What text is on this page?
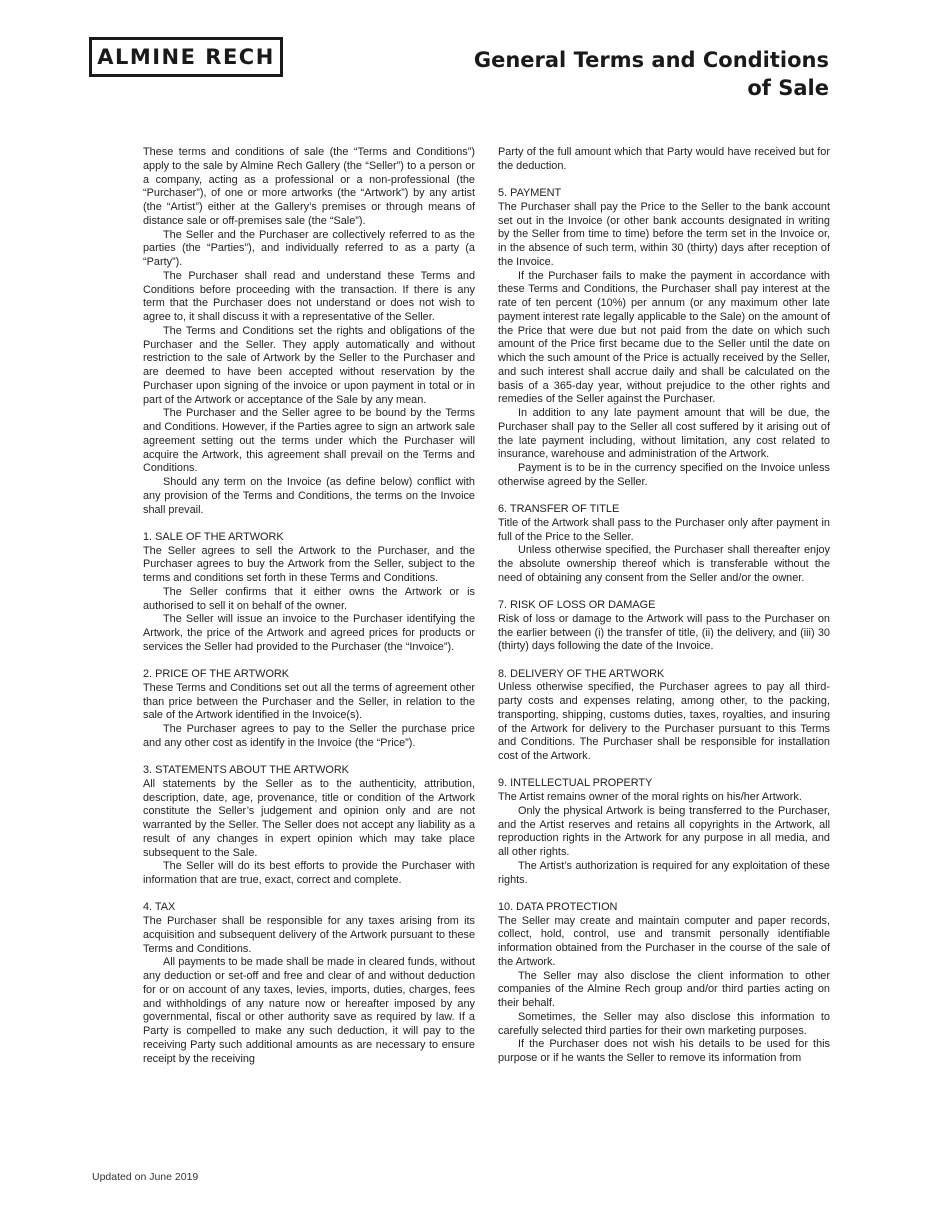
ALMINE RECH	General Terms and Conditions
of Sale

These terms and conditions of sale (the “Terms and Conditions”) apply to the sale by Almine Rech Gallery (the “Seller”) to a person or a company, acting as a professional or a non-professional (the “Purchaser”), of one or more artworks (the “Artwork”) by any artist (the “Artist”) either at the Gallery’s premises or through means of distance sale or off-premises sale (the “Sale”).

The Seller and the Purchaser are collectively referred to as the parties (the “Parties”), and individually referred to as a party (a “Party”).

The Purchaser shall read and understand these Terms and Conditions before proceeding with the transaction. If there is any term that the Purchaser does not understand or does not wish to agree to, it shall discuss it with a representative of the Seller.

The Terms and Conditions set the rights and obligations of the Purchaser and the Seller. They apply automatically and without restriction to the sale of Artwork by the Seller to the Purchaser and are deemed to have been accepted without reservation by the Purchaser upon signing of the invoice or upon payment in total or in part of the Artwork or acceptance of the Sale by any mean.

The Purchaser and the Seller agree to be bound by the Terms and Conditions. However, if the Parties agree to sign an artwork sale agreement setting out the terms under which the Purchaser will acquire the Artwork, this agreement shall prevail on the Terms and Conditions.

Should any term on the Invoice (as define below) conflict with any provision of the Terms and Conditions, the terms on the Invoice shall prevail.

1. SALE OF THE ARTWORK

The Seller agrees to sell the Artwork to the Purchaser, and the Purchaser agrees to buy the Artwork from the Seller, subject to the terms and conditions set forth in these Terms and Conditions.

The Seller confirms that it either owns the Artwork or is authorised to sell it on behalf of the owner.

The Seller will issue an invoice to the Purchaser identifying the Artwork, the price of the Artwork and agreed prices for products or services the Seller had provided to the Purchaser (the “Invoice”).

2. PRICE OF THE ARTWORK

These Terms and Conditions set out all the terms of agreement other than price between the Purchaser and the Seller, in relation to the sale of the Artwork identified in the Invoice(s).

The Purchaser agrees to pay to the Seller the purchase price and any other cost as identify in the Invoice (the “Price”).

3. STATEMENTS ABOUT THE ARTWORK

All statements by the Seller as to the authenticity, attribution, description, date, age, provenance, title or condition of the Artwork constitute the Seller’s judgement and opinion only and are not warranted by the Seller. The Seller does not accept any liability as a result of any changes in expert opinion which may take place subsequent to the Sale.

The Seller will do its best efforts to provide the Purchaser with information that are true, exact, correct and complete.

4. TAX

The Purchaser shall be responsible for any taxes arising from its acquisition and subsequent delivery of the Artwork pursuant to these Terms and Conditions.

All payments to be made shall be made in cleared funds, without any deduction or set-off and free and clear of and without deduction for or on account of any taxes, levies, imports, duties, charges, fees and withholdings of any nature now or hereafter imposed by any governmental, fiscal or other authority save as required by law. If a Party is compelled to make any such deduction, it will pay to the receiving Party such additional amounts as are necessary to ensure receipt by the receiving

Party of the full amount which that Party would have received but for the deduction.

5. PAYMENT

The Purchaser shall pay the Price to the Seller to the bank account set out in the Invoice (or other bank accounts designated in writing by the Seller from time to time) before the term set in the Invoice or, in the absence of such term, within 30 (thirty) days after reception of the Invoice.

If the Purchaser fails to make the payment in accordance with these Terms and Conditions, the Purchaser shall pay interest at the rate of ten percent (10%) per annum (or any maximum other late payment interest rate legally applicable to the Sale) on the amount of the Price that were due but not paid from the date on which such amount of the Price first became due to the Seller until the date on which the such amount of the Price is actually received by the Seller, and such interest shall accrue daily and shall be calculated on the basis of a 365-day year, without prejudice to the other rights and remedies of the Seller against the Purchaser.

In addition to any late payment amount that will be due, the Purchaser shall pay to the Seller all cost suffered by it arising out of the late payment including, without limitation, any cost related to insurance, warehouse and administration of the Artwork.

Payment is to be in the currency specified on the Invoice unless otherwise agreed by the Seller.

6. TRANSFER OF TITLE

Title of the Artwork shall pass to the Purchaser only after payment in full of the Price to the Seller.

Unless otherwise specified, the Purchaser shall thereafter enjoy the absolute ownership thereof which is transferable without the need of obtaining any consent from the Seller and/or the owner.

7. RISK OF LOSS OR DAMAGE

Risk of loss or damage to the Artwork will pass to the Purchaser on the earlier between (i) the transfer of title, (ii) the delivery, and (iii) 30 (thirty) days following the date of the Invoice.

8. DELIVERY OF THE ARTWORK

Unless otherwise specified, the Purchaser agrees to pay all third-party costs and expenses relating, among other, to the packing, transporting, shipping, customs duties, taxes, royalties, and insuring of the Artwork for delivery to the Purchaser pursuant to this Terms and Conditions. The Purchaser shall be responsible for installation cost of the Artwork.

9. INTELLECTUAL PROPERTY

The Artist remains owner of the moral rights on his/her Artwork.

Only the physical Artwork is being transferred to the Purchaser, and the Artist reserves and retains all copyrights in the Artwork, all reproduction rights in the Artwork for any purpose in all media, and all other rights.

The Artist’s authorization is required for any exploitation of these rights.

10. DATA PROTECTION

The Seller may create and maintain computer and paper records, collect, hold, control, use and transmit personally identifiable information obtained from the Purchaser in the course of the sale of the Artwork.

The Seller may also disclose the client information to other companies of the Almine Rech group and/or third parties acting on their behalf.

Sometimes, the Seller may also disclose this information to carefully selected third parties for their own marketing purposes.

If the Purchaser does not wish his details to be used for this purpose or if he wants the Seller to remove its information from

Updated on June 2019
